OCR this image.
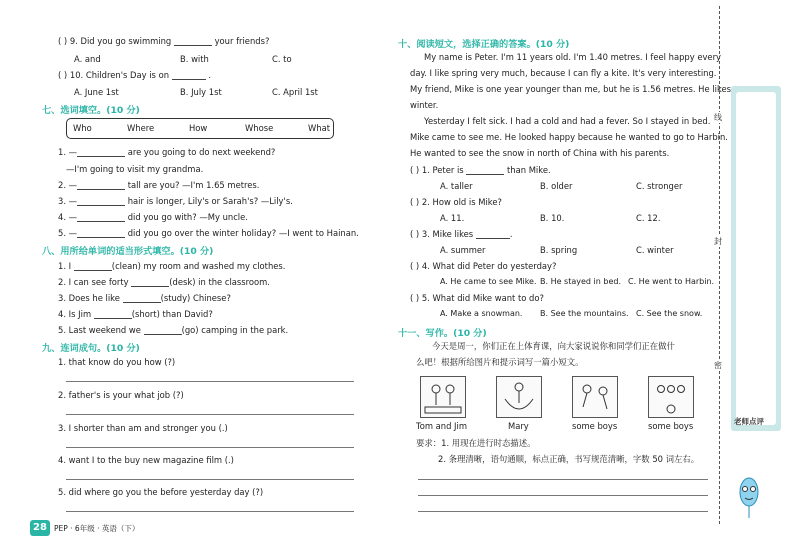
( ) 9. Did you go swimming	your friends?
A. and	B. with	C. to
( ) 10. Children's Day is on	.
A. June 1st	B. July 1st	C. April 1st
七、选词填空。(10 分)
Who	Where	How	Whose	What
1. —	are you going to do next weekend?
—I'm going to visit my grandma.
2. —	tall are you? —I'm 1.65 metres.
3. —	hair is longer, Lily's or Sarah's? —Lily's.
4. —	did you go with? —My uncle.
5. —	did you go over the winter holiday? —I went to Hainan.
八、用所给单词的适当形式填空。(10 分)
1. I	(clean) my room and washed my clothes.
2. I can see forty	(desk) in the classroom.
3. Does he like	(study) Chinese?
4. Is Jim	(short) than David?
5. Last weekend we	(go) camping in the park.
九、连词成句。(10 分)
1. that know do you how (?)
2. father's is your what job (?)
3. I shorter than am and stronger you (.)
4. want I to the buy new magazine film (.)
5. did where go you the before yesterday day (?)
28 PEP · 6年级 · 英语（下）
十、阅读短文，选择正确的答案。(10 分)
My name is Peter. I'm 11 years old. I'm 1.40 metres. I feel happy every
day. I like spring very much, because I can fly a kite. It's very interesting.
My friend, Mike is one year younger than me, but he is 1.56 metres. He likes
winter.
Yesterday I felt sick. I had a cold and had a fever. So I stayed in bed.
Mike came to see me. He looked happy because he wanted to go to Harbin.
He wanted to see the snow in north of China with his parents.
( ) 1. Peter is	than Mike.
A. taller	B. older	C. stronger
( ) 2. How old is Mike?
A. 11.	B. 10.	C. 12.
( ) 3. Mike likes	.
A. summer	B. spring	C. winter
( ) 4. What did Peter do yesterday?
A. He came to see Mike. B. He stayed in bed. C. He went to Harbin.
( ) 5. What did Mike want to do?
A. Make a snowman. B. See the mountains. C. See the snow.
十一、写作。(10 分)
今天是周一，你们正在上体育课，向大家说说你和同学们正在做什
么吧！根据所给图片和提示词写一篇小短文。
Tom and Jim	Mary	some boys	some boys
要求：1. 用现在进行时态描述。
2. 条理清晰，语句通顺，标点正确，书写规范清晰，字数 50 词左右。
线
封
密
老师点评
